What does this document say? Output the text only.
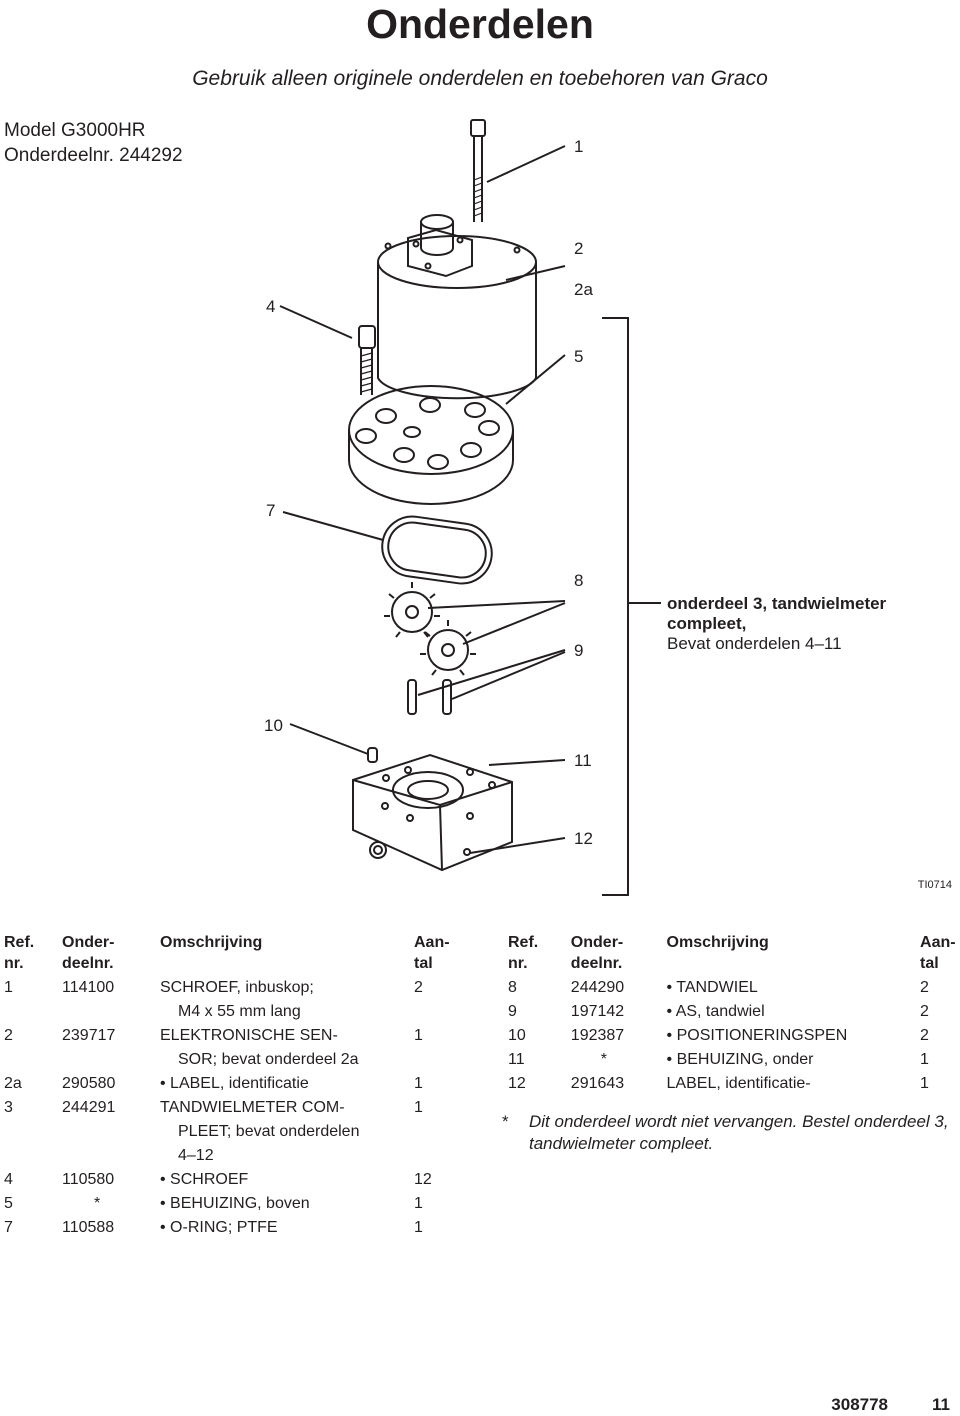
Onderdelen
Gebruik alleen originele onderdelen en toebehoren van Graco
Model G3000HR
Onderdeelnr. 244292	1
2
2a
4
5
7
8
9
10
11
12
onderdeel 3, tandwielmeter
compleet,
Bevat onderdelen 4–11
TI0714
Ref.	Onder-	Omschrijving	Aan-
nr.	deelnr.		tal
1	114100	SCHROEF, inbuskop;
M4 x 55 mm lang	2
2	239717	ELEKTRONISCHE SEN-
SOR; bevat onderdeel 2a	1
2a	290580	• LABEL, identificatie	1
3	244291	TANDWIELMETER COM-
PLEET; bevat onderdelen
4–12	1
4	110580	• SCHROEF	12
5	*	• BEHUIZING, boven	1
7	110588	• O-RING; PTFE	1
Ref.	Onder-	Omschrijving	Aan-
nr.	deelnr.		tal
8	244290	• TANDWIEL	2
9	197142	• AS, tandwiel	2
10	192387	• POSITIONERINGSPEN	2
11	*	• BEHUIZING, onder	1
12	291643	LABEL, identificatie-	1
* Dit onderdeel wordt niet vervangen. Bestel onderdeel 3, tandwielmeter compleet.
308778	11
